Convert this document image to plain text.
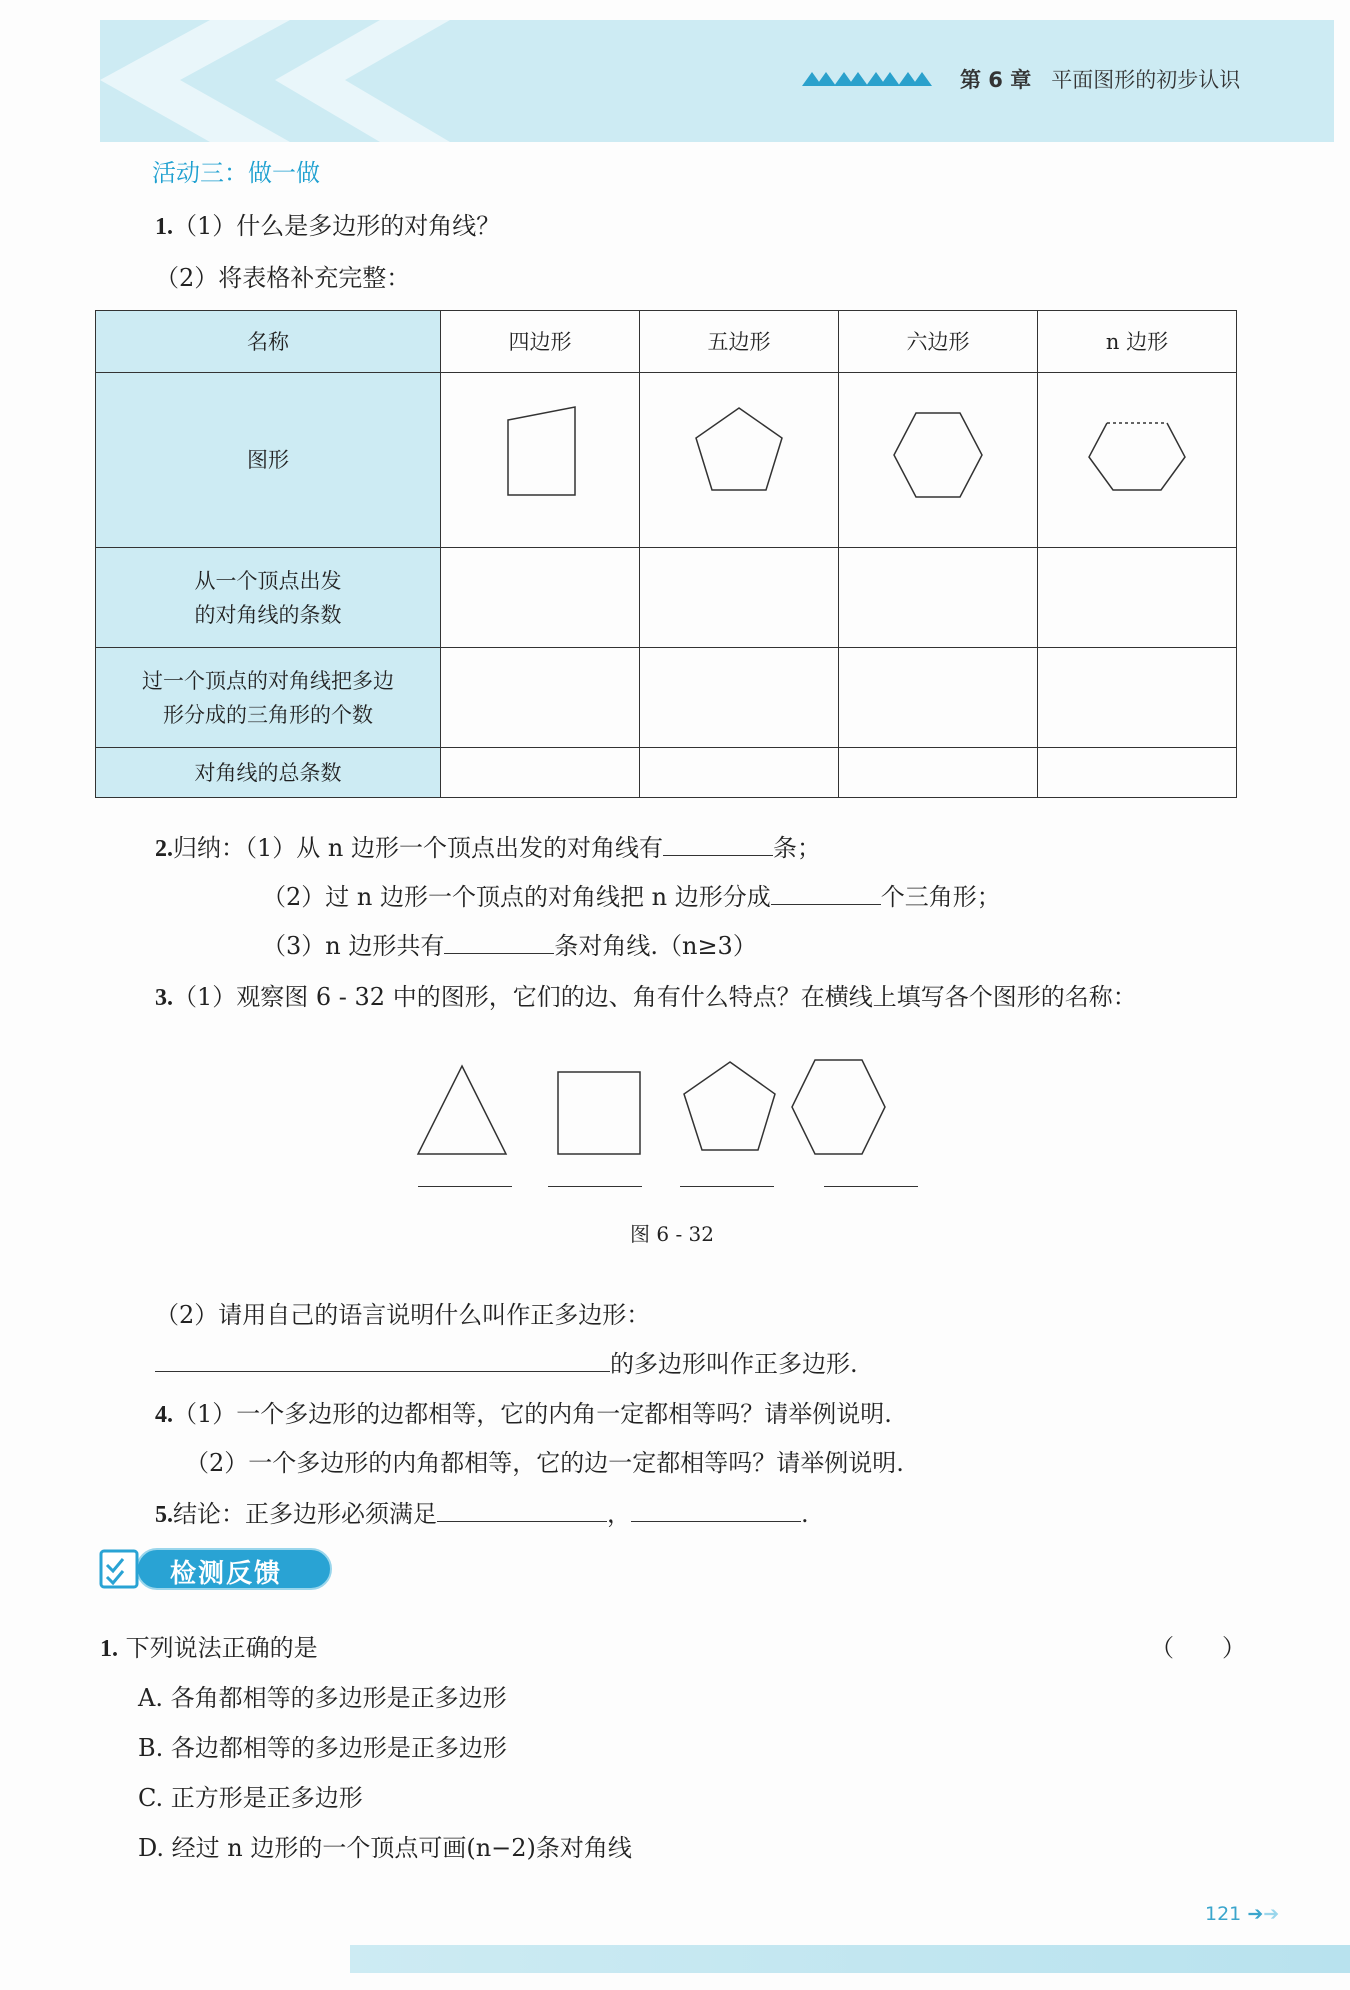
第 6 章 平面图形的初步认识
活动三：做一做
1.（1）什么是多边形的对角线？
（2）将表格补充完整：
名称	四边形	五边形	六边形	n 边形
图形				

从一个顶点出发
的对角线的条数				

过一个顶点的对角线把多边
形分成的三角形的个数				

对角线的总条数				
2.归纳：（1）从 n 边形一个顶点出发的对角线有	条；
（2）过 n 边形一个顶点的对角线把 n 边形分成	个三角形；
（3）n 边形共有	条对角线.（n≥3）
3.（1）观察图 6 - 32 中的图形，它们的边、角有什么特点？在横线上填写各个图形的名称：
图 6 - 32
（2）请用自己的语言说明什么叫作正多边形：
的多边形叫作正多边形.
4.（1）一个多边形的边都相等，它的内角一定都相等吗？请举例说明.
（2）一个多边形的内角都相等，它的边一定都相等吗？请举例说明.
5.结论：正多边形必须满足	，	.
检测反馈
1. 下列说法正确的是	（　　）
A. 各角都相等的多边形是正多边形
B. 各边都相等的多边形是正多边形
C. 正方形是正多边形
D. 经过 n 边形的一个顶点可画(n−2)条对角线
121 ➔➔
